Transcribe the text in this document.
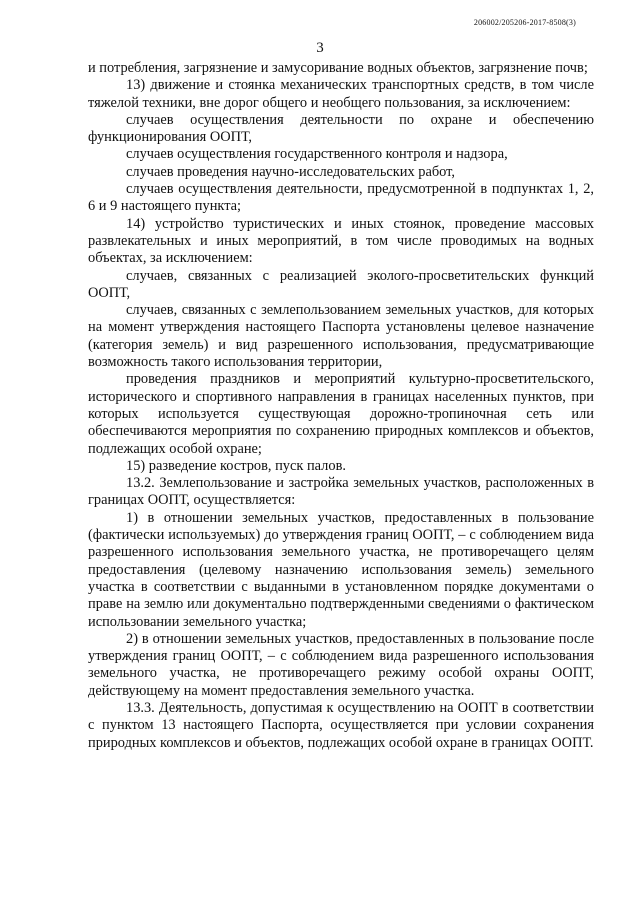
206002/205206-2017-8508(3)
3

и потребления, загрязнение и замусоривание водных объектов, загрязнение почв;

13) движение и стоянка механических транспортных средств, в том числе тяжелой техники, вне дорог общего и необщего пользования, за исключением:

случаев осуществления деятельности по охране и обеспечению функционирования ООПТ,

случаев осуществления государственного контроля и надзора,

случаев проведения научно-исследовательских работ,

случаев осуществления деятельности, предусмотренной в подпунктах 1, 2, 6 и 9 настоящего пункта;

14) устройство туристических и иных стоянок, проведение массовых развлекательных и иных мероприятий, в том числе проводимых на водных объектах, за исключением:

случаев, связанных с реализацией эколого-просветительских функций ООПТ,

случаев, связанных с землепользованием земельных участков, для которых на момент утверждения настоящего Паспорта установлены целевое назначение (категория земель) и вид разрешенного использования, предусматривающие возможность такого использования территории,

проведения праздников и мероприятий культурно-просветительского, исторического и спортивного направления в границах населенных пунктов, при которых используется существующая дорожно-тропиночная сеть или обеспечиваются мероприятия по сохранению природных комплексов и объектов, подлежащих особой охране;

15) разведение костров, пуск палов.

13.2. Землепользование и застройка земельных участков, расположенных в границах ООПТ, осуществляется:

1) в отношении земельных участков, предоставленных в пользование (фактически используемых) до утверждения границ ООПТ, – с соблюдением вида разрешенного использования земельного участка, не противоречащего целям предоставления (целевому назначению использования земель) земельного участка в соответствии с выданными в установленном порядке документами о праве на землю или документально подтвержденными сведениями о фактическом использовании земельного участка;

2) в отношении земельных участков, предоставленных в пользование после утверждения границ ООПТ, – с соблюдением вида разрешенного использования земельного участка, не противоречащего режиму особой охраны ООПТ, действующему на момент предоставления земельного участка.

13.3. Деятельность, допустимая к осуществлению на ООПТ в соответствии с пунктом 13 настоящего Паспорта, осуществляется при условии сохранения природных комплексов и объектов, подлежащих особой охране в границах ООПТ.
